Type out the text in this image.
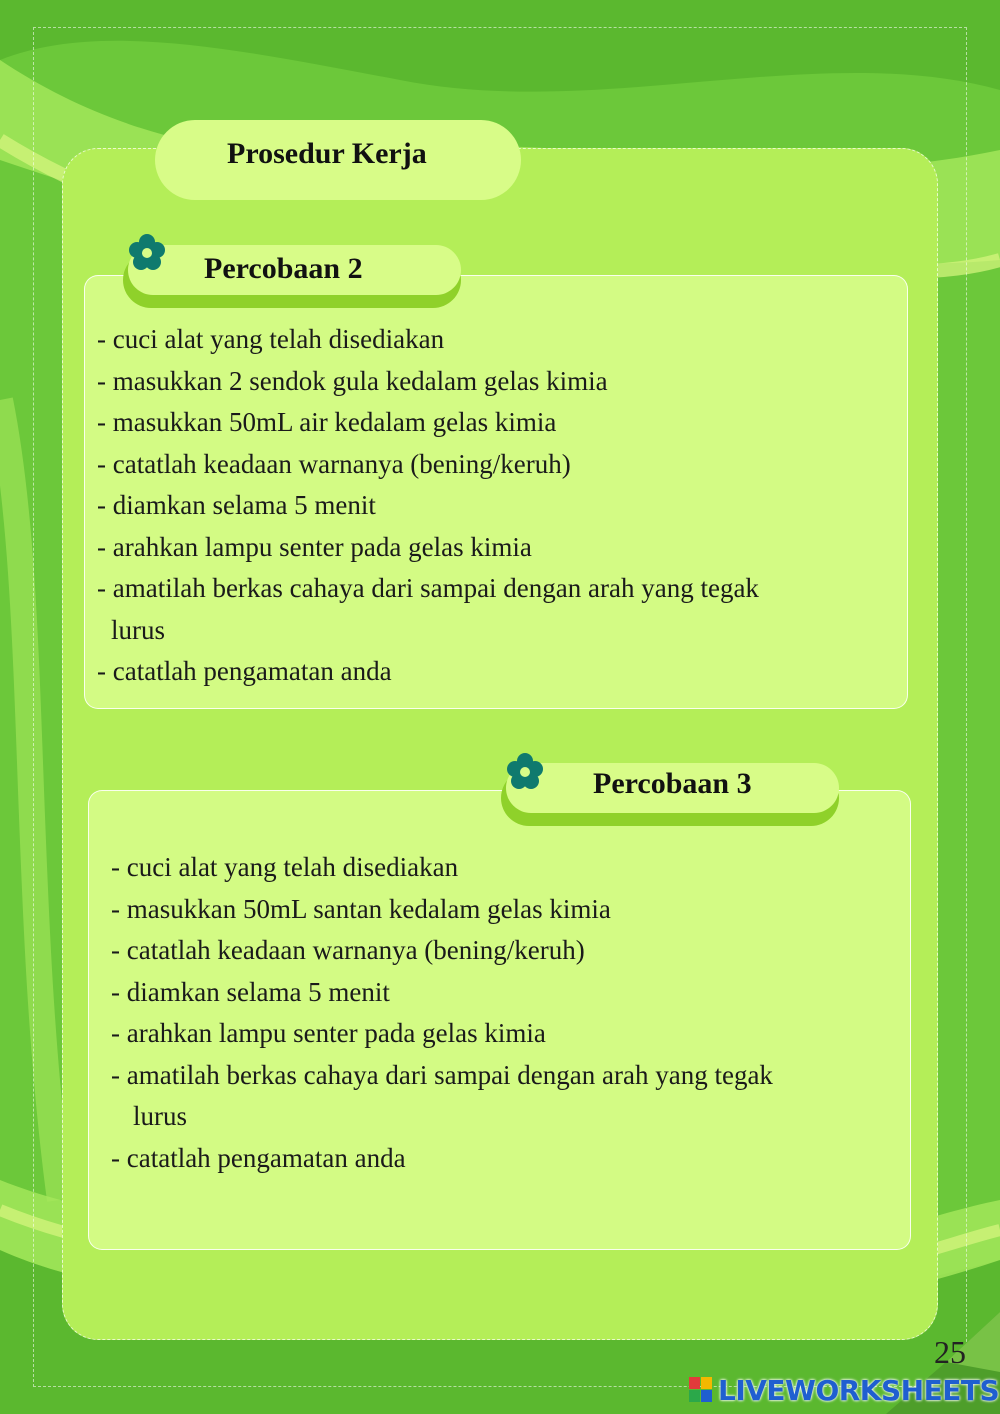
Prosedur Kerja
Percobaan 2
- cuci alat yang telah disediakan
- masukkan 2 sendok gula kedalam gelas kimia
- masukkan 50mL air kedalam gelas kimia
- catatlah keadaan warnanya (bening/keruh)
- diamkan selama 5 menit
- arahkan lampu senter pada gelas kimia
- amatilah berkas cahaya dari sampai dengan arah yang tegak
lurus
- catatlah pengamatan anda
Percobaan 3
- cuci alat yang telah disediakan
- masukkan 50mL santan kedalam gelas kimia
- catatlah keadaan warnanya (bening/keruh)
- diamkan selama 5 menit
- arahkan lampu senter pada gelas kimia
- amatilah berkas cahaya dari sampai dengan arah yang tegak
lurus
- catatlah pengamatan anda
25
LIVEWORKSHEETS
